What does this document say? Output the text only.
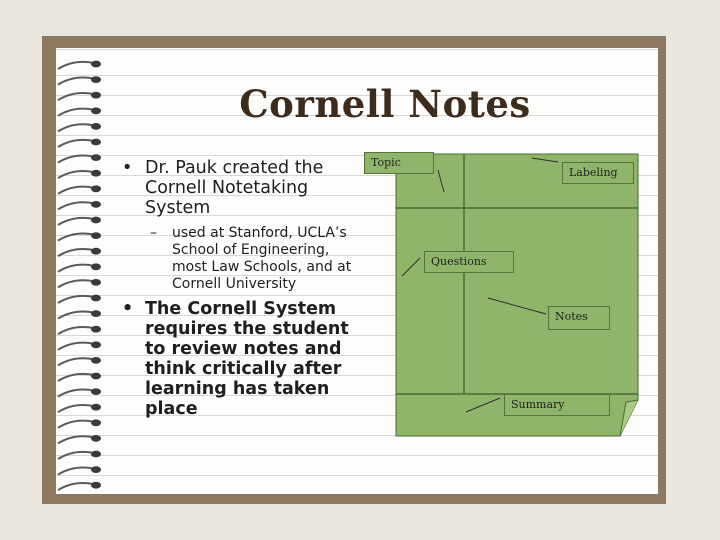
Cornell Notes
• Dr. Pauk created the Cornell Notetaking System
– used at Stanford, UCLA’s School of Engineering, most Law Schools, and at Cornell University
• The Cornell System requires the student to review notes and think critically after learning has taken place
Topic
Labeling
Questions
Notes
Summary
